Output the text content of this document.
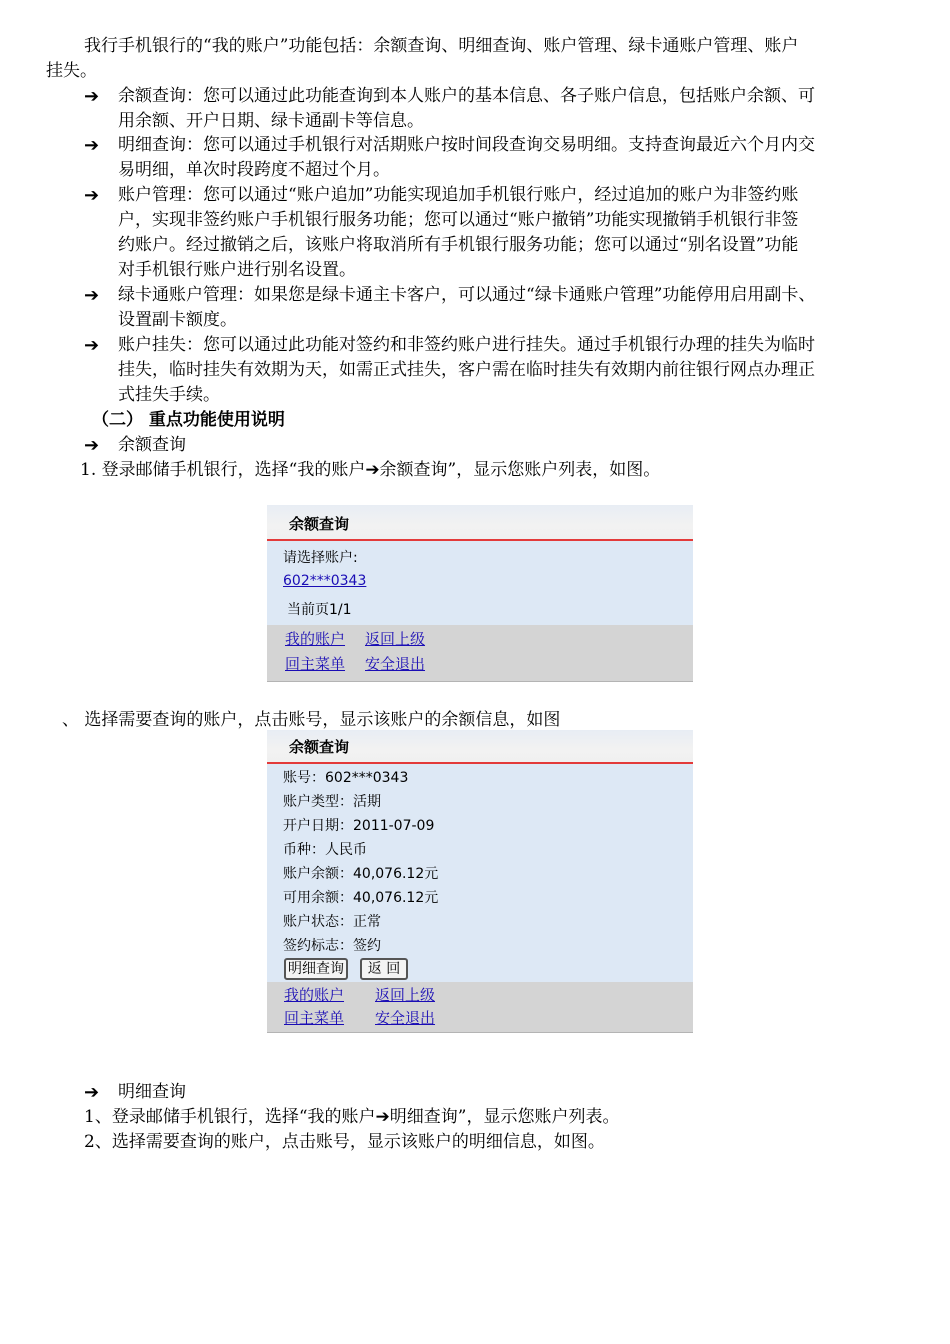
我行手机银行的“我的账户”功能包括：余额查询、明细查询、账户管理、绿卡通账户管理、账户
挂失。
➔ 余额查询：您可以通过此功能查询到本人账户的基本信息、各子账户信息，包括账户余额、可
用余额、开户日期、绿卡通副卡等信息。
➔ 明细查询：您可以通过手机银行对活期账户按时间段查询交易明细。支持查询最近六个月内交
易明细，单次时段跨度不超过个月。
➔ 账户管理：您可以通过“账户追加”功能实现追加手机银行账户，经过追加的账户为非签约账
户，实现非签约账户手机银行服务功能；您可以通过“账户撤销”功能实现撤销手机银行非签
约账户。经过撤销之后，该账户将取消所有手机银行服务功能；您可以通过“别名设置”功能
对手机银行账户进行别名设置。
➔ 绿卡通账户管理：如果您是绿卡通主卡客户，可以通过“绿卡通账户管理”功能停用启用副卡、
设置副卡额度。
➔ 账户挂失：您可以通过此功能对签约和非签约账户进行挂失。通过手机银行办理的挂失为临时
挂失，临时挂失有效期为天，如需正式挂失，客户需在临时挂失有效期内前往银行网点办理正
式挂失手续。
（二） 重点功能使用说明
➔ 余额查询
1. 登录邮储手机银行，选择“我的账户➔余额查询”，显示您账户列表，如图。
余额查询
请选择账户:
602***0343
当前页1/1
我的账户 返回上级
回主菜单 安全退出
、 选择需要查询的账户，点击账号，显示该账户的余额信息，如图
余额查询
账号：602***0343
账户类型：活期
开户日期：2011-07-09
币种：人民币
账户余额：40,076.12元
可用余额：40,076.12元
账户状态：正常
签约标志：签约
明细查询	返 回
我的账户 返回上级
回主菜单 安全退出
➔ 明细查询
1、登录邮储手机银行，选择“我的账户➔明细查询”，显示您账户列表。
2、选择需要查询的账户，点击账号，显示该账户的明细信息，如图。
